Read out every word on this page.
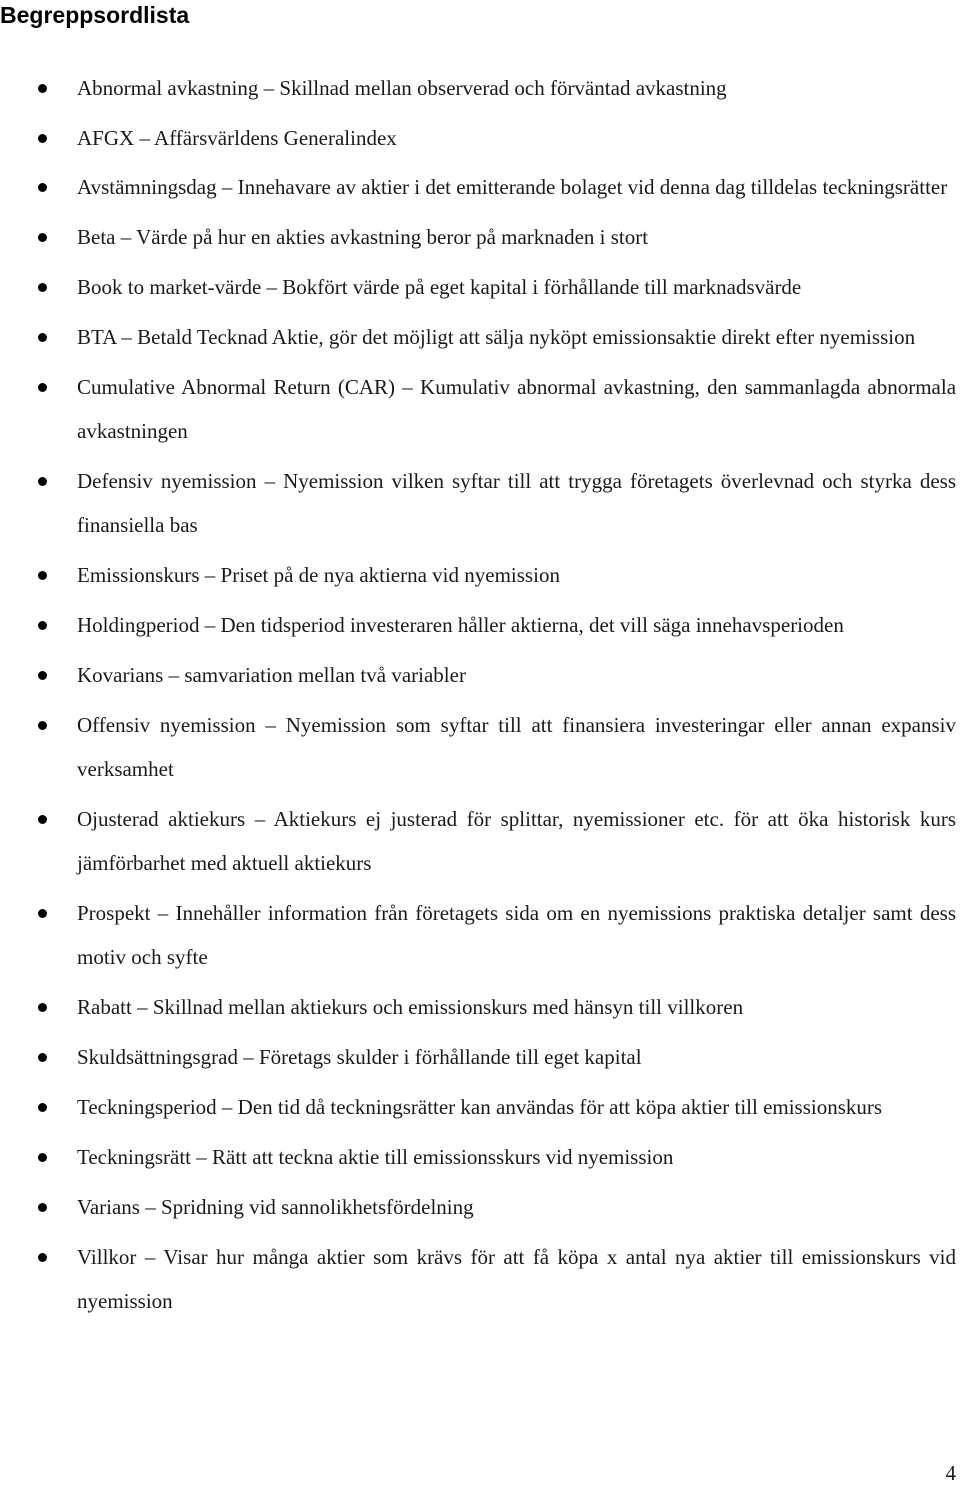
Begreppsordlista
Abnormal avkastning – Skillnad mellan observerad och förväntad avkastning
AFGX – Affärsvärldens Generalindex
Avstämningsdag – Innehavare av aktier i det emitterande bolaget vid denna dag tilldelas teckningsrätter
Beta – Värde på hur en akties avkastning beror på marknaden i stort
Book to market-värde – Bokfört värde på eget kapital i förhållande till marknadsvärde
BTA – Betald Tecknad Aktie, gör det möjligt att sälja nyköpt emissionsaktie direkt efter nyemission
Cumulative Abnormal Return (CAR) – Kumulativ abnormal avkastning, den sammanlagda abnormala avkastningen
Defensiv nyemission – Nyemission vilken syftar till att trygga företagets överlevnad och styrka dess finansiella bas
Emissionskurs – Priset på de nya aktierna vid nyemission
Holdingperiod – Den tidsperiod investeraren håller aktierna, det vill säga innehavsperioden
Kovarians – samvariation mellan två variabler
Offensiv nyemission – Nyemission som syftar till att finansiera investeringar eller annan expansiv verksamhet
Ojusterad aktiekurs – Aktiekurs ej justerad för splittar, nyemissioner etc. för att öka historisk kurs jämförbarhet med aktuell aktiekurs
Prospekt – Innehåller information från företagets sida om en nyemissions praktiska detaljer samt dess motiv och syfte
Rabatt – Skillnad mellan aktiekurs och emissionskurs med hänsyn till villkoren
Skuldsättningsgrad – Företags skulder i förhållande till eget kapital
Teckningsperiod – Den tid då teckningsrätter kan användas för att köpa aktier till emissionskurs
Teckningsrätt – Rätt att teckna aktie till emissionsskurs vid nyemission
Varians – Spridning vid sannolikhetsfördelning
Villkor – Visar hur många aktier som krävs för att få köpa x antal nya aktier till emissionskurs vid nyemission
4
